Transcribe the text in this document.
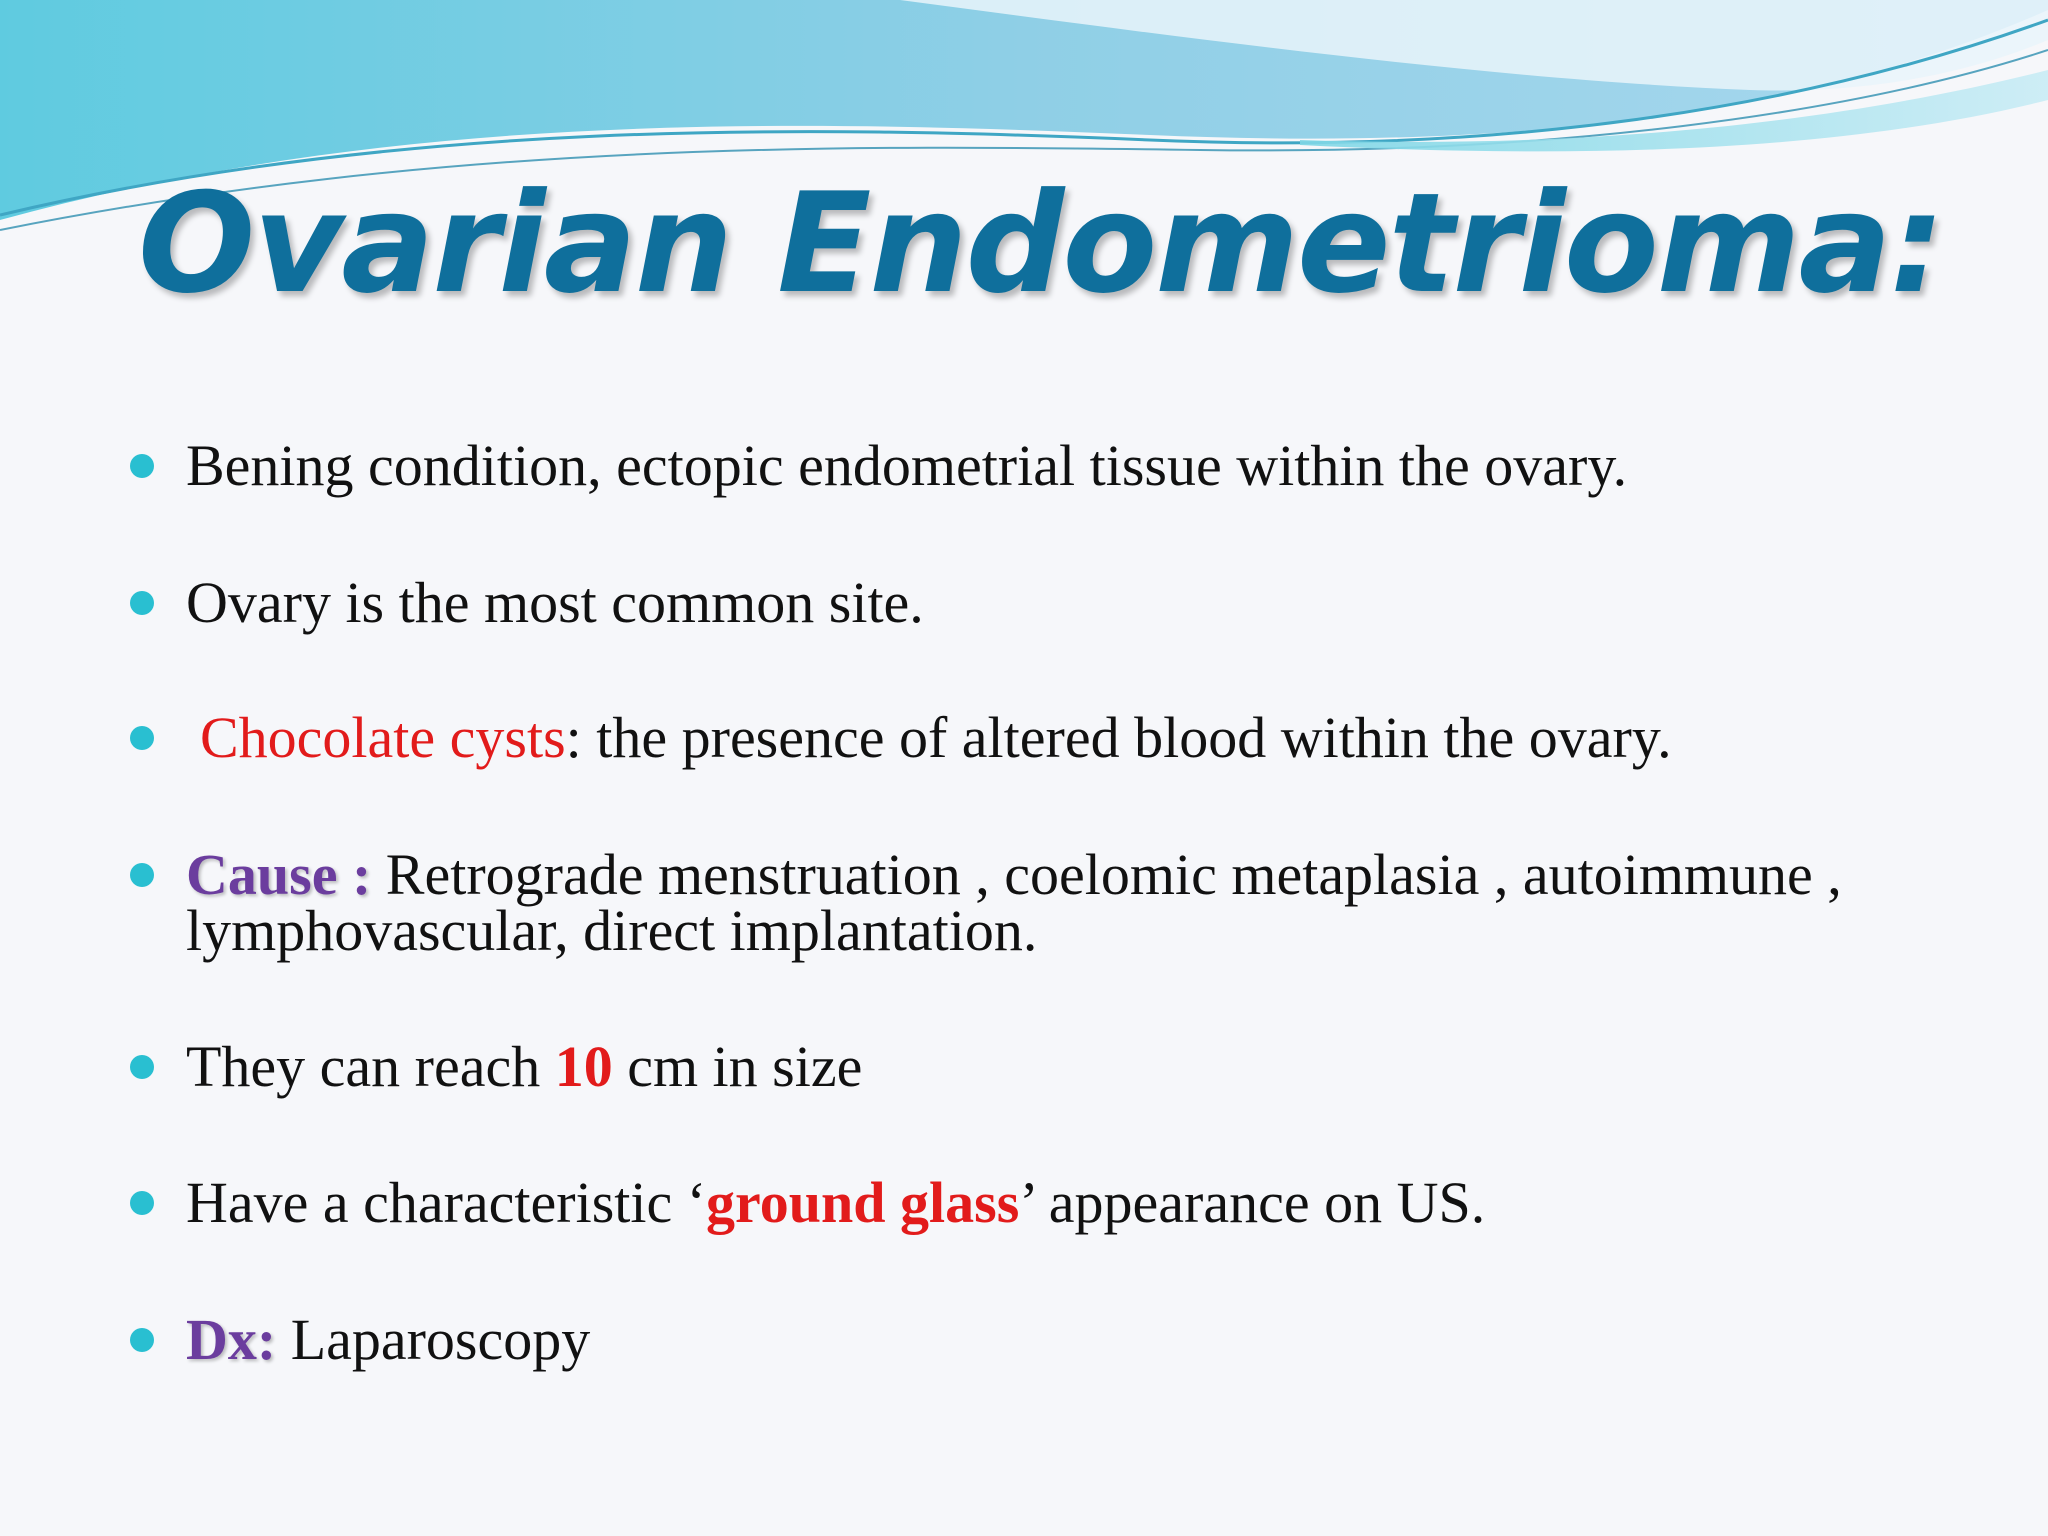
Ovarian Endometrioma:
Bening condition, ectopic endometrial tissue within the ovary.
Ovary is the most common site.
Chocolate cysts: the presence of altered blood within the ovary.
Cause : Retrograde menstruation , coelomic metaplasia , autoimmune , lymphovascular, direct implantation.
They can reach 10 cm in size
Have a characteristic ‘ground glass’ appearance on US.
Dx: Laparoscopy
